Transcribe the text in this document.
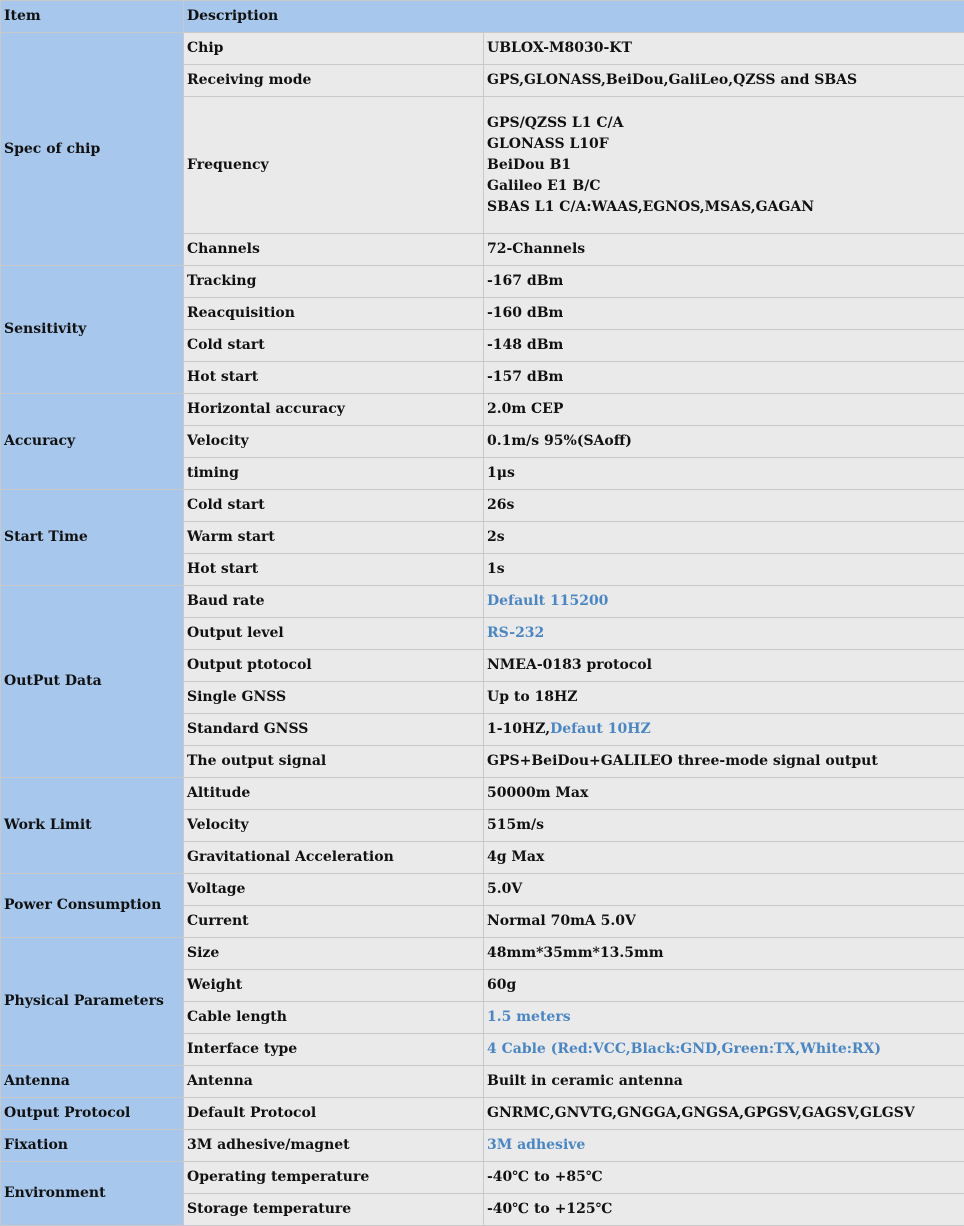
Item	Description	
Spec of chip	Chip	UBLOX-M8030-KT
	Receiving mode	GPS,GLONASS,BeiDou,GaliLeo,QZSS and SBAS
	Frequency	GPS/QZSS L1 C/A
GLONASS L10F
BeiDou B1
Galileo E1 B/C
SBAS L1 C/A:WAAS,EGNOS,MSAS,GAGAN

	Channels	72-Channels
Sensitivity	Tracking	-167 dBm
	Reacquisition	-160 dBm
	Cold start	-148 dBm
	Hot start	-157 dBm
Accuracy	Horizontal accuracy	2.0m CEP
	Velocity	0.1m/s 95%(SAoff)
	timing	1μs
Start Time	Cold start	26s
	Warm start	2s
	Hot start	1s
OutPut Data	Baud rate	Default 115200
	Output level	RS-232
	Output ptotocol	NMEA-0183 protocol
	Single GNSS	Up to 18HZ
	Standard GNSS	1-10HZ,Defaut 10HZ
	The output signal	GPS+BeiDou+GALILEO three-mode signal output
Work Limit	Altitude	50000m Max
	Velocity	515m/s
	Gravitational Acceleration	4g Max
Power Consumption	Voltage	5.0V
	Current	Normal 70mA 5.0V
Physical Parameters	Size	48mm*35mm*13.5mm
	Weight	60g
	Cable length	1.5 meters
	Interface type	4 Cable (Red:VCC,Black:GND,Green:TX,White:RX)
Antenna	Antenna	Built in ceramic antenna
Output Protocol	Default Protocol	GNRMC,GNVTG,GNGGA,GNGSA,GPGSV,GAGSV,GLGSV
Fixation	3M adhesive/magnet	3M adhesive
Environment	Operating temperature	-40℃ to +85℃
	Storage temperature	-40℃ to +125℃
